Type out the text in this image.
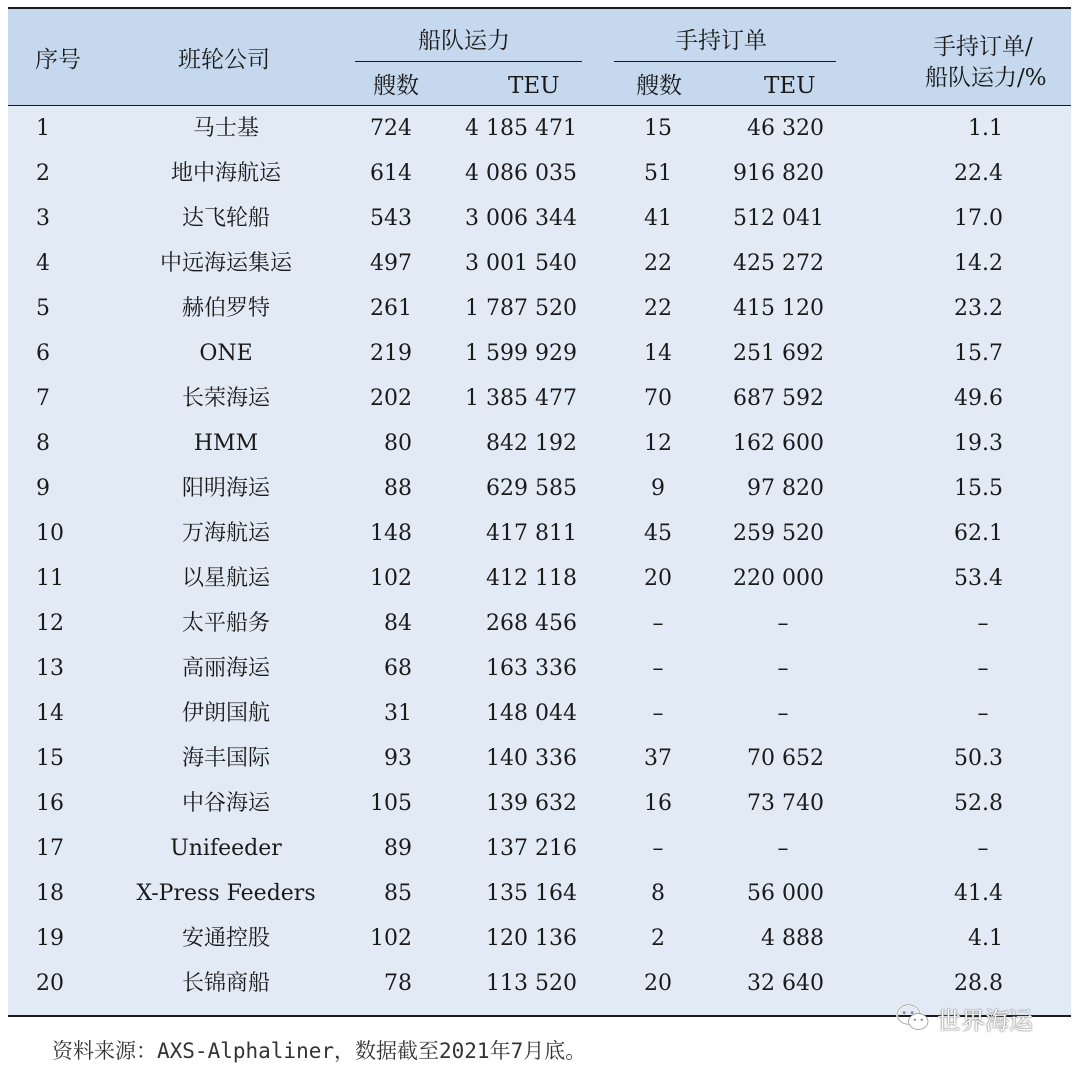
序号	班轮公司
船队运力
艘数	TEU
手持订单
艘数	TEU
手持订单/
船队运力/%
1	马士基	724	4 185 471	15	46 320	1.1
2	地中海航运	614	4 086 035	51	916 820	22.4
3	达飞轮船	543	3 006 344	41	512 041	17.0
4	中远海运集运	497	3 001 540	22	425 272	14.2
5	赫伯罗特	261	1 787 520	22	415 120	23.2
6	ONE	219	1 599 929	14	251 692	15.7
7	长荣海运	202	1 385 477	70	687 592	49.6
8	HMM	80	842 192	12	162 600	19.3
9	阳明海运	88	629 585	9	97 820	15.5
10	万海航运	148	417 811	45	259 520	62.1
11	以星航运	102	412 118	20	220 000	53.4
12	太平船务	84	268 456	–	–	–
13	高丽海运	68	163 336	–	–	–
14	伊朗国航	31	148 044	–	–	–
15	海丰国际	93	140 336	37	70 652	50.3
16	中谷海运	105	139 632	16	73 740	52.8
17	Unifeeder	89	137 216	–	–	–
18	X-Press Feeders	85	135 164	8	56 000	41.4
19	安通控股	102	120 136	2	4 888	4.1
20	长锦商船	78	113 520	20	32 640	28.8
资料来源：AXS-Alphaliner，数据截至2021年7月底。
世界海运
